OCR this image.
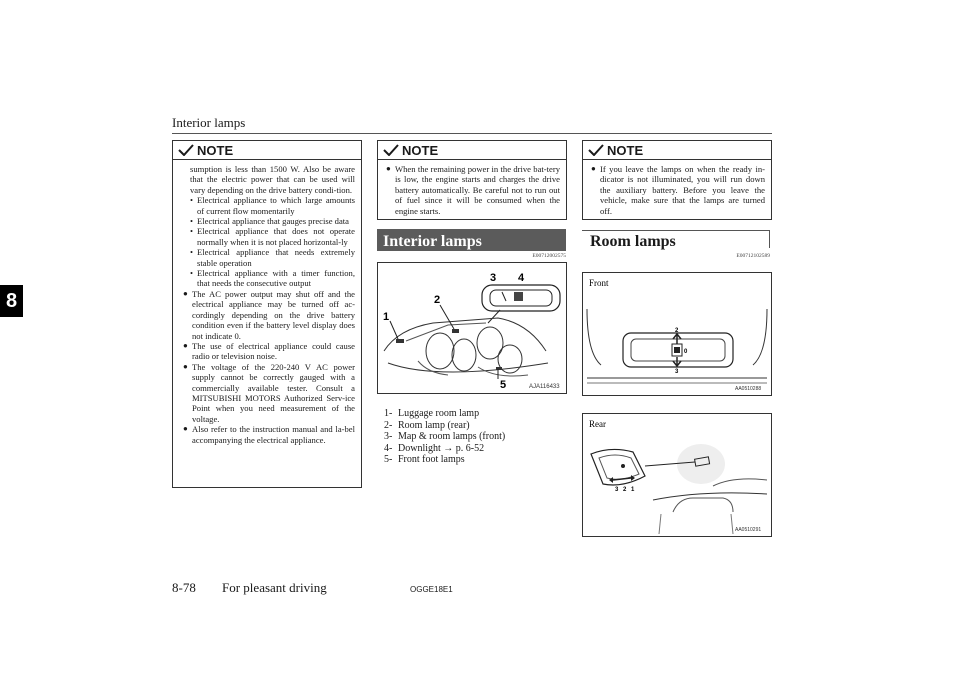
Interior lamps
8
NOTE

sumption is less than 1500 W. Also be aware that the electric power that can be used will vary depending on the drive battery condi-tion.

• Electrical appliance to which large amounts of current flow momentarily
• Electrical appliance that gauges precise data
• Electrical appliance that does not operate normally when it is not placed horizontal-ly
• Electrical appliance that needs extremely stable operation
• Electrical appliance with a timer function, that needs the consecutive output
● The AC power output may shut off and the electrical appliance may be turned off ac-cordingly depending on the drive battery condition even if the battery level display does not indicate 0.
● The use of electrical appliance could cause radio or television noise.
● The voltage of the 220-240 V AC power supply cannot be correctly gauged with a commercially available tester. Consult a MITSUBISHI MOTORS Authorized Serv-ice Point when you need measurement of the voltage.
● Also refer to the instruction manual and la-bel accompanying the electrical appliance.
NOTE
● When the remaining power in the drive bat-tery is low, the engine starts and charges the drive battery automatically. Be careful not to run out of fuel since it will be consumed when the engine starts.
Interior lamps
E00712002575
1
2
3 4
5	AJA116433
1- Luggage room lamp
2- Room lamp (rear)
3- Map & room lamps (front)
4- Downlight → p. 6-52
5- Front foot lamps
NOTE
● If you leave the lamps on when the ready in-dicator is not illuminated, you will run down the auxiliary battery. Before you leave the vehicle, make sure that the lamps are turned off.
Room lamps
E00712102589
Front
2
0
3
AA0510288
Rear
3 2 1
AA0510291
8-78 For pleasant driving	OGGE18E1
